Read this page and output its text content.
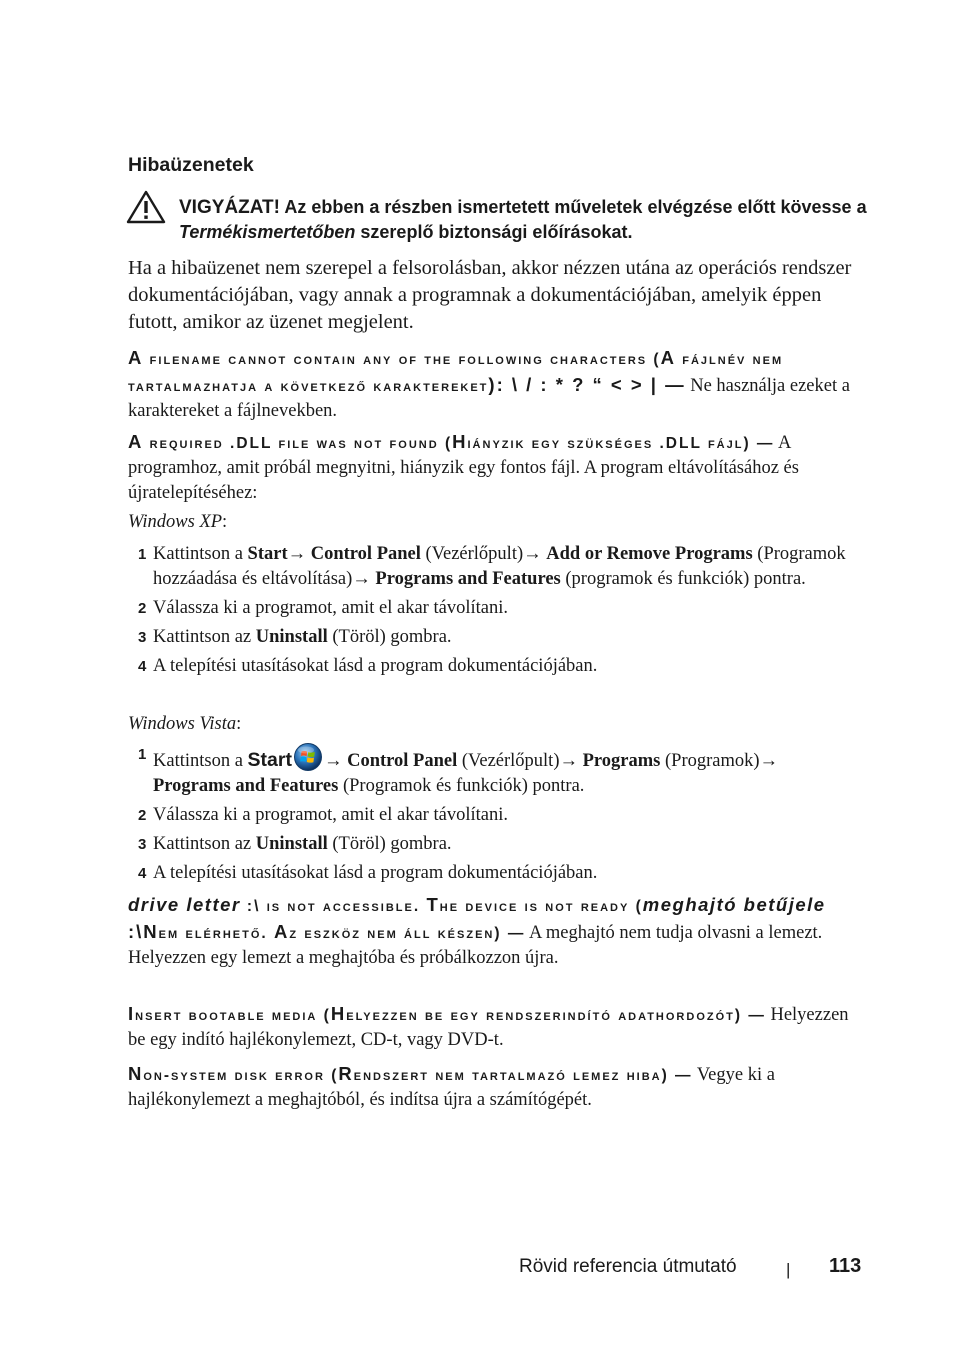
Hibaüzenetek
VIGYÁZAT! Az ebben a részben ismertetett műveletek elvégzése előtt kövesse a Termékismertetőben szereplő biztonsági előírásokat.
Ha a hibaüzenet nem szerepel a felsorolásban, akkor nézzen utána az operációs rendszer dokumentációjában, vagy annak a programnak a dokumentációjában, amelyik éppen futott, amikor az üzenet megjelent.
A filename cannot contain any of the following characters (A fájlnév nem tartalmazhatja a következő karaktereket): \ / : * ? “ < > | — Ne használja ezeket a karaktereket a fájlnevekben.
A required .DLL file was not found (Hiányzik egy szükséges .DLL fájl) — A programhoz, amit próbál megnyitni, hiányzik egy fontos fájl. A program eltávolításához és újratelepítéséhez:
Windows XP:
1 Kattintson a Start→ Control Panel (Vezérlőpult)→ Add or Remove Programs (Programok hozzáadása és eltávolítása)→ Programs and Features (programok és funkciók) pontra.
2 Válassza ki a programot, amit el akar távolítani.
3 Kattintson az Uninstall (Töröl) gombra.
4 A telepítési utasításokat lásd a program dokumentációjában.
Windows Vista:
1 Kattintson a Start → Control Panel (Vezérlőpult)→ Programs (Programok)→ Programs and Features (Programok és funkciók) pontra.
2 Válassza ki a programot, amit el akar távolítani.
3 Kattintson az Uninstall (Töröl) gombra.
4 A telepítési utasításokat lásd a program dokumentációjában.
drive letter :\ is not accessible. The device is not ready (meghajtó betűjele :\Nem elérhető. Az eszköz nem áll készen) — A meghajtó nem tudja olvasni a lemezt. Helyezzen egy lemezt a meghajtóba és próbálkozzon újra.
Insert bootable media (Helyezzen be egy rendszerindító adathordozót) — Helyezzen be egy indító hajlékonylemezt, CD-t, vagy DVD-t.
Non-system disk error (Rendszert nem tartalmazó lemez hiba) — Vegye ki a hajlékonylemezt a meghajtóból, és indítsa újra a számítógépét.
Rövid referencia útmutató	| 113
